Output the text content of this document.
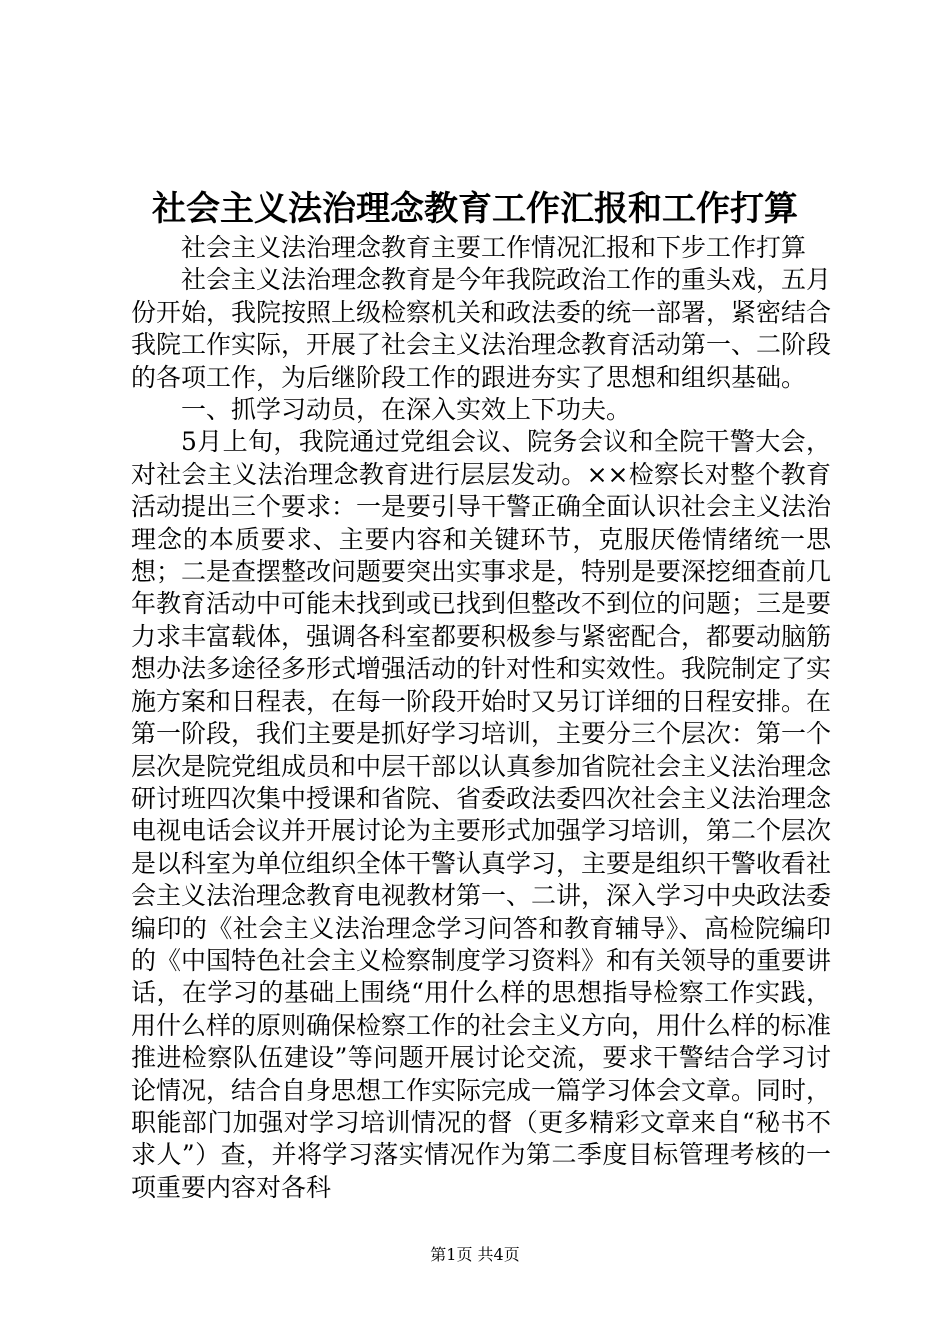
社会主义法治理念教育工作汇报和工作打算

社会主义法治理念教育主要工作情况汇报和下步工作打算

社会主义法治理念教育是今年我院政治工作的重头戏，五月份开始，我院按照上级检察机关和政法委的统一部署，紧密结合我院工作实际，开展了社会主义法治理念教育活动第一、二阶段的各项工作，为后继阶段工作的跟进夯实了思想和组织基础。

一、抓学习动员，在深入实效上下功夫。

5月上旬，我院通过党组会议、院务会议和全院干警大会，对社会主义法治理念教育进行层层发动。××检察长对整个教育活动提出三个要求：一是要引导干警正确全面认识社会主义法治理念的本质要求、主要内容和关键环节，克服厌倦情绪统一思想；二是查摆整改问题要突出实事求是，特别是要深挖细查前几年教育活动中可能未找到或已找到但整改不到位的问题；三是要力求丰富载体，强调各科室都要积极参与紧密配合，都要动脑筋想办法多途径多形式增强活动的针对性和实效性。我院制定了实施方案和日程表，在每一阶段开始时又另订详细的日程安排。在第一阶段，我们主要是抓好学习培训，主要分三个层次：第一个层次是院党组成员和中层干部以认真参加省院社会主义法治理念研讨班四次集中授课和省院、省委政法委四次社会主义法治理念电视电话会议并开展讨论为主要形式加强学习培训，第二个层次是以科室为单位组织全体干警认真学习，主要是组织干警收看社会主义法治理念教育电视教材第一、二讲，深入学习中央政法委编印的《社会主义法治理念学习问答和教育辅导》、高检院编印的《中国特色社会主义检察制度学习资料》和有关领导的重要讲话，在学习的基础上围绕“用什么样的思想指导检察工作实践，用什么样的原则确保检察工作的社会主义方向，用什么样的标准推进检察队伍建设”等问题开展讨论交流，要求干警结合学习讨论情况，结合自身思想工作实际完成一篇学习体会文章。同时，职能部门加强对学习培训情况的督（更多精彩文章来自“秘书不求人”）查，并将学习落实情况作为第二季度目标管理考核的一项重要内容对各科

第1页 共4页
